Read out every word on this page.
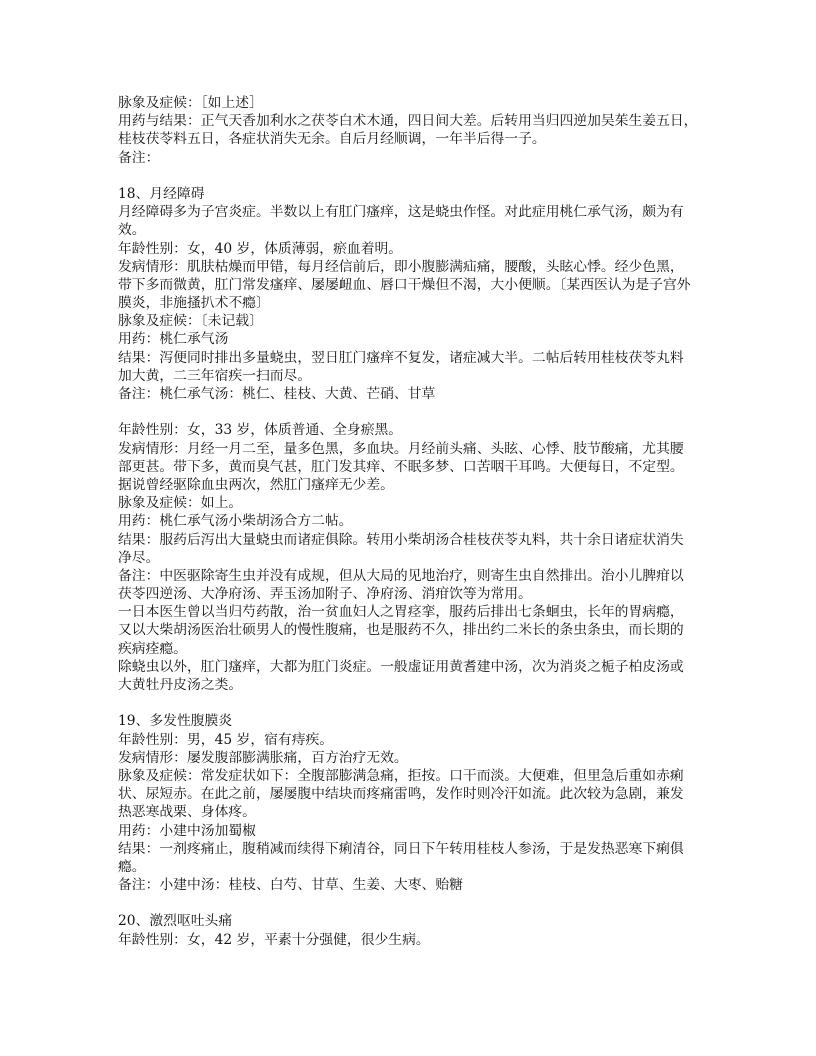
脉象及症候：［如上述］
用药与结果：正气天香加利水之茯苓白术木通，四日间大差。后转用当归四逆加吴茱生姜五日，
桂枝茯苓料五日，各症状消失无余。自后月经顺调，一年半后得一子。
备注：
18、月经障碍
月经障碍多为子宫炎症。半数以上有肛门瘙痒，这是蛲虫作怪。对此症用桃仁承气汤，颇为有
效。
年龄性别：女，40 岁，体质薄弱，瘀血着明。
发病情形：肌肤枯燥而甲错，每月经信前后，即小腹膨满疝痛，腰酸，头眩心悸。经少色黑，
带下多而微黄，肛门常发瘙痒、屡屡衄血、唇口干燥但不渴，大小便顺。〔某西医认为是子宫外
膜炎，非施搔扒术不瘾〕
脉象及症候：〔未记载〕
用药：桃仁承气汤
结果：泻便同时排出多量蛲虫，翌日肛门瘙痒不复发，诸症减大半。二帖后转用桂枝茯苓丸料
加大黄，二三年宿疾一扫而尽。
备注：桃仁承气汤：桃仁、桂枝、大黄、芒硝、甘草
年龄性别：女，33 岁，体质普通、全身瘀黑。
发病情形：月经一月二至，量多色黑，多血块。月经前头痛、头眩、心悸、肢节酸痛，尤其腰
部更甚。带下多，黄而臭气甚，肛门发其痒、不眠多梦、口苦咽干耳鸣。大便每日，不定型。
据说曾经驱除血虫两次，然肛门瘙痒无少差。
脉象及症候：如上。
用药：桃仁承气汤小柴胡汤合方二帖。
结果：服药后泻出大量蛲虫而诸症俱除。转用小柴胡汤合桂枝茯苓丸料，共十余日诸症状消失
净尽。
备注：中医驱除寄生虫并没有成规，但从大局的见地治疗，则寄生虫自然排出。治小儿脾疳以
茯苓四逆汤、大净府汤、弄玉汤加附子、净府汤、消疳饮等为常用。
一日本医生曾以当归芍药散，治一贫血妇人之胃痉挛，服药后排出七条蛔虫，长年的胃病瘾，
又以大柴胡汤医治壮硕男人的慢性腹痛，也是服药不久，排出约二米长的条虫条虫，而长期的
疾病痊瘾。
除蛲虫以外，肛门瘙痒，大都为肛门炎症。一般虚证用黄耆建中汤，次为消炎之栀子柏皮汤或
大黄牡丹皮汤之类。
19、多发性腹膜炎
年龄性别：男，45 岁，宿有痔疾。
发病情形：屡发腹部膨满胀痛，百方治疗无效。
脉象及症候：常发症状如下：全腹部膨满急痛，拒按。口干而淡。大便难，但里急后重如赤痢
状、尿短赤。在此之前，屡屡腹中结块而疼痛雷鸣，发作时则冷汗如流。此次较为急剧，兼发
热恶寒战栗、身体疼。
用药：小建中汤加蜀椒
结果：一剂疼痛止，腹稍减而续得下痢清谷，同日下午转用桂枝人参汤，于是发热恶寒下痢俱
瘾。
备注：小建中汤：桂枝、白芍、甘草、生姜、大枣、贻糖
20、激烈呕吐头痛
年龄性别：女，42 岁，平素十分强健，很少生病。
